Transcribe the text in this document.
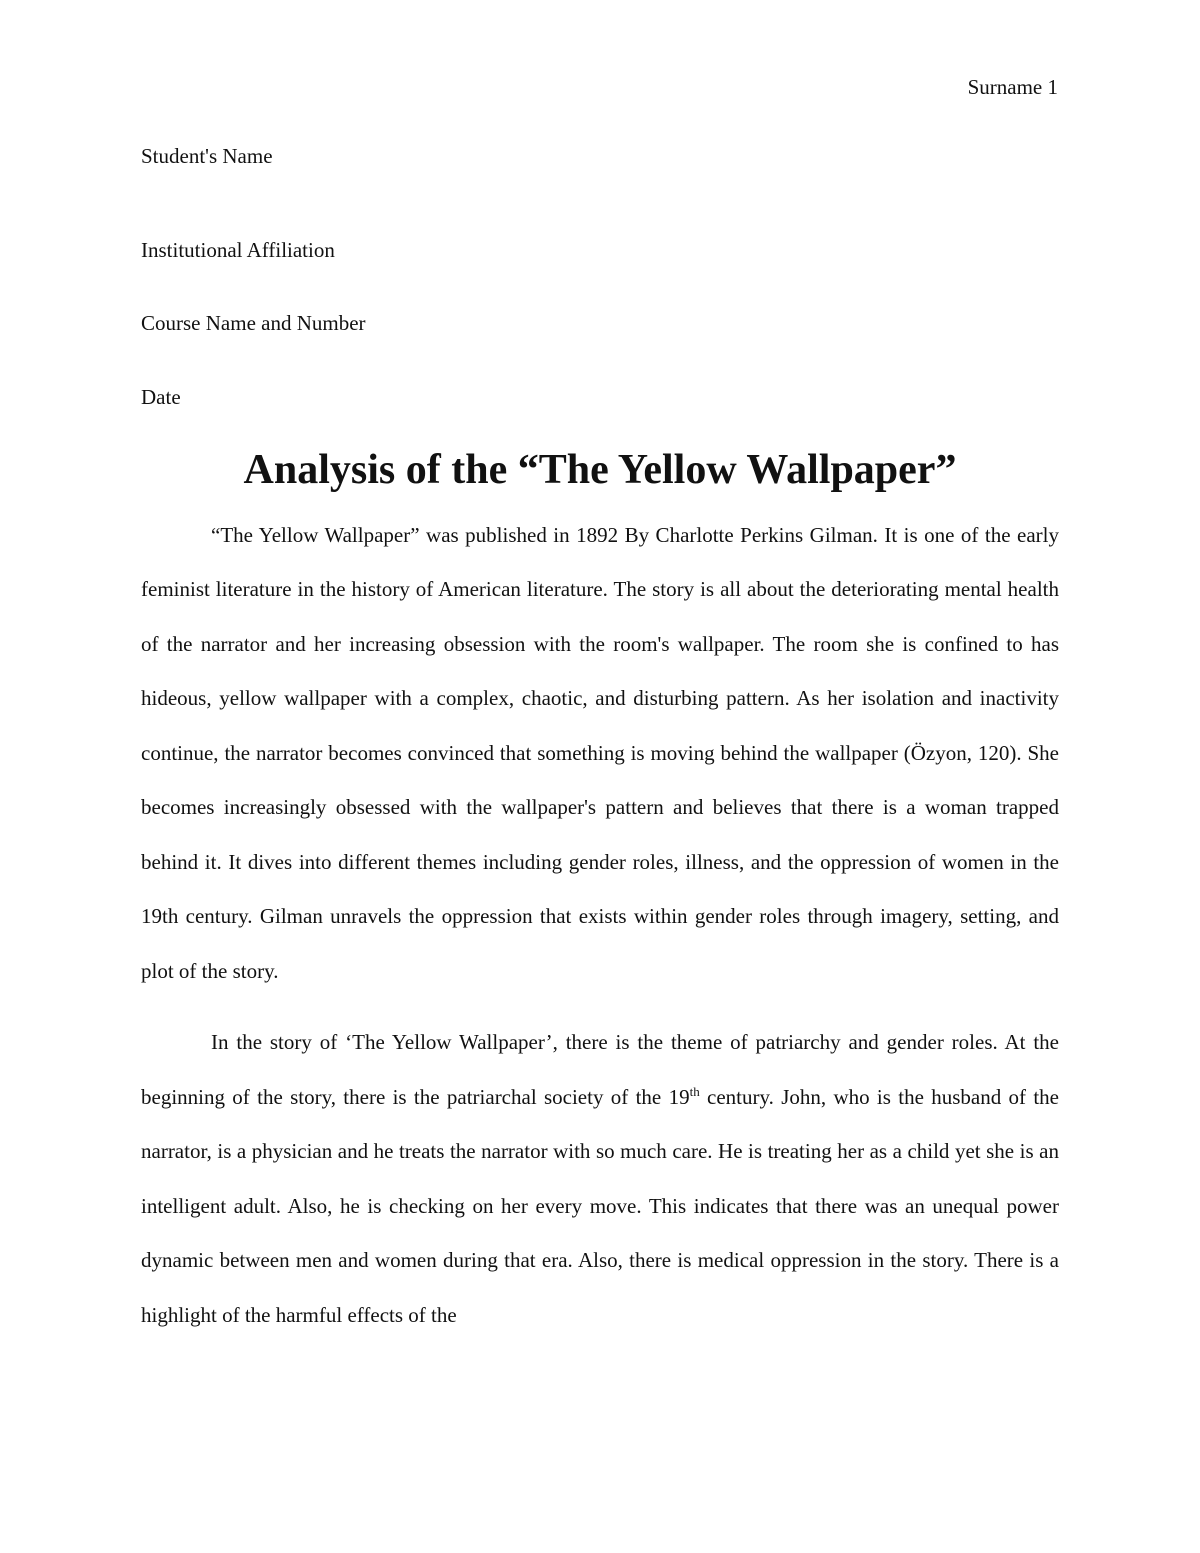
Surname 1

Student's Name

Institutional Affiliation

Course Name and Number

Date

Analysis of the “The Yellow Wallpaper”

“The Yellow Wallpaper” was published in 1892 By Charlotte Perkins Gilman. It is one of the early feminist literature in the history of American literature. The story is all about the deteriorating mental health of the narrator and her increasing obsession with the room's wallpaper. The room she is confined to has hideous, yellow wallpaper with a complex, chaotic, and disturbing pattern. As her isolation and inactivity continue, the narrator becomes convinced that something is moving behind the wallpaper (Özyon, 120). She becomes increasingly obsessed with the wallpaper's pattern and believes that there is a woman trapped behind it. It dives into different themes including gender roles, illness, and the oppression of women in the 19th century. Gilman unravels the oppression that exists within gender roles through imagery, setting, and plot of the story.

In the story of ‘The Yellow Wallpaper’, there is the theme of patriarchy and gender roles. At the beginning of the story, there is the patriarchal society of the 19th century. John, who is the husband of the narrator, is a physician and he treats the narrator with so much care. He is treating her as a child yet she is an intelligent adult. Also, he is checking on her every move. This indicates that there was an unequal power dynamic between men and women during that era. Also, there is medical oppression in the story. There is a highlight of the harmful effects of the
